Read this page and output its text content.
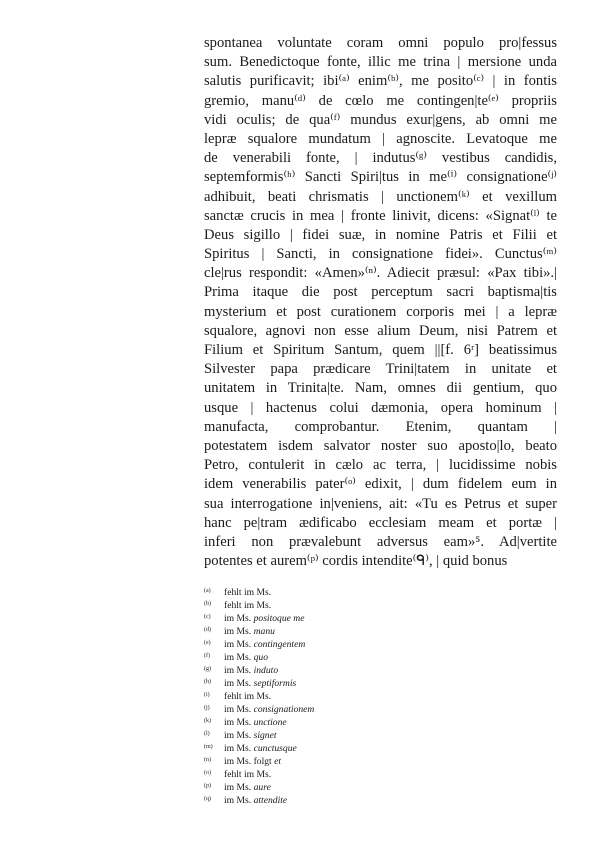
spontanea voluntate coram omni populo pro|fessus
sum. Benedictoque fonte, illic me trina | mersione unda
salutis purificavit; ibi⁽ᵃ⁾ enim⁽ᵇ⁾, me posito⁽ᶜ⁾ | in fontis
gremio, manu⁽ᵈ⁾ de cœlo me contingen|te⁽ᵉ⁾ propriis
vidi oculis; de qua⁽ᶠ⁾ mundus exur|gens, ab omni me
lepræ squalore mundatum | agnoscite. Levatoque me
de venerabili fonte, | indutus⁽ᵍ⁾ vestibus candidis,
septemformis⁽ʰ⁾ Sancti Spiri|tus in me⁽ⁱ⁾ consignatione⁽ʲ⁾
adhibuit, beati chrismatis | unctionem⁽ᵏ⁾ et vexillum
sanctæ crucis in mea | fronte linivit, dicens: «Signat⁽ˡ⁾ te
Deus sigillo | fidei suæ, in nomine Patris et Filii et
Spiritus | Sancti, in consignatione fidei». Cunctus⁽ᵐ⁾
cle|rus respondit: «Amen»⁽ⁿ⁾. Adiecit præsul: «Pax tibi».|
Prima itaque die post perceptum sacri baptisma|tis
mysterium et post curationem corporis mei | a lepræ
squalore, agnovi non esse alium Deum, nisi Patrem et
Filium et Spiritum Santum, quem ||[f. 6ʳ] beatissimus
Silvester papa prædicare Trini|tatem in unitate et
unitatem in Trinita|te. Nam, omnes dii gentium, quo
usque | hactenus colui dæmonia, opera hominum |
manufacta, comprobantur. Etenim, quantam |
potestatem isdem salvator noster suo aposto|lo, beato
Petro, contulerit in cælo ac terra, | lucidissime nobis
idem venerabilis pater⁽ᵒ⁾ edixit, | dum fidelem eum in
sua interrogatione in|veniens, ait: «Tu es Petrus et super
hanc pe|tram ædificabo ecclesiam meam et portæ |
inferi non prævalebunt adversus eam»⁵. Ad|vertite
potentes et aurem⁽ᵖ⁾ cordis intendite⁽ᑫ⁾, | quid bonus
(a) fehlt im Ms.
(b) fehlt im Ms.
(c) im Ms. positoque me
(d) im Ms. manu
(e) im Ms. contingentem
(f) im Ms. quo
(g) im Ms. induto
(h) im Ms. septiformis
(i) fehlt im Ms.
(j) im Ms. consignationem
(k) im Ms. unctione
(l) im Ms. signet
(m) im Ms. cunctusque
(n) im Ms. folgt et
(o) fehlt im Ms.
(p) im Ms. aure
(q) im Ms. attendite
